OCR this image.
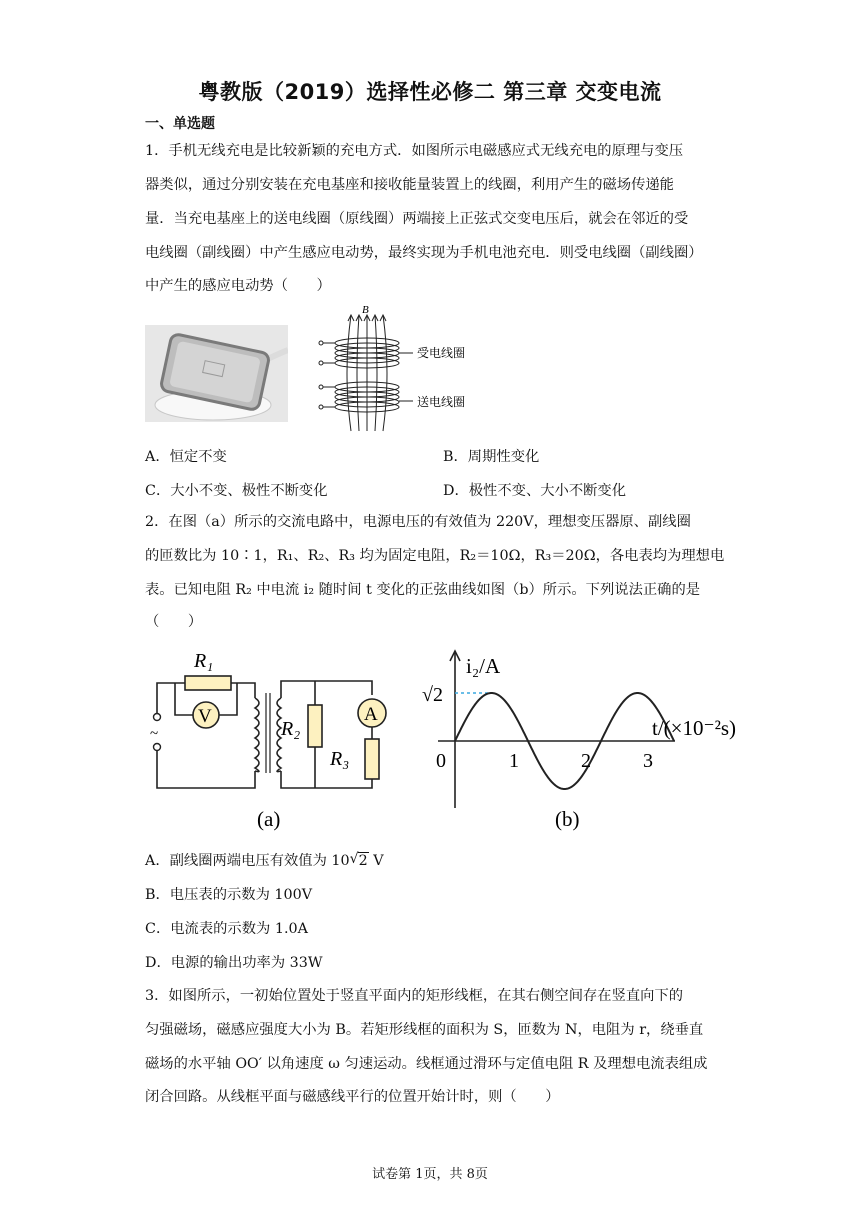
粤教版（2019）选择性必修二 第三章 交变电流
一、单选题
1．手机无线充电是比较新颖的充电方式．如图所示电磁感应式无线充电的原理与变压
器类似，通过分别安装在充电基座和接收能量装置上的线圈，利用产生的磁场传递能
量．当充电基座上的送电线圈（原线圈）两端接上正弦式交变电压后，就会在邻近的受
电线圈（副线圈）中产生感应电动势，最终实现为手机电池充电．则受电线圈（副线圈）
中产生的感应电动势（　　）
B
受电线圈
送电线圈
A．恒定不变	B．周期性变化
C．大小不变、极性不断变化	D．极性不变、大小不断变化
2．在图（a）所示的交流电路中，电源电压的有效值为 220V，理想变压器原、副线圈
的匝数比为 10∶1，R₁、R₂、R₃ 均为固定电阻，R₂＝10Ω，R₃＝20Ω，各电表均为理想电
表。已知电阻 R₂ 中电流 i₂ 随时间 t 变化的正弦曲线如图（b）所示。下列说法正确的是
（　　）
~
R₁
V
R₂
A
R₃
(a)
i₂/A
√2
t/(×10⁻²s)
0	1	2	3
(b)
A．副线圈两端电压有效值为 10 √ 2 V
B．电压表的示数为 100V
C．电流表的示数为 1.0A
D．电源的输出功率为 33W
3．如图所示，一初始位置处于竖直平面内的矩形线框，在其右侧空间存在竖直向下的
匀强磁场，磁感应强度大小为 B。若矩形线框的面积为 S，匝数为 N，电阻为 r，绕垂直
磁场的水平轴 OO′ 以角速度 ω 匀速运动。线框通过滑环与定值电阻 R 及理想电流表组成
闭合回路。从线框平面与磁感线平行的位置开始计时，则（　　）
试卷第 1页，共 8页
